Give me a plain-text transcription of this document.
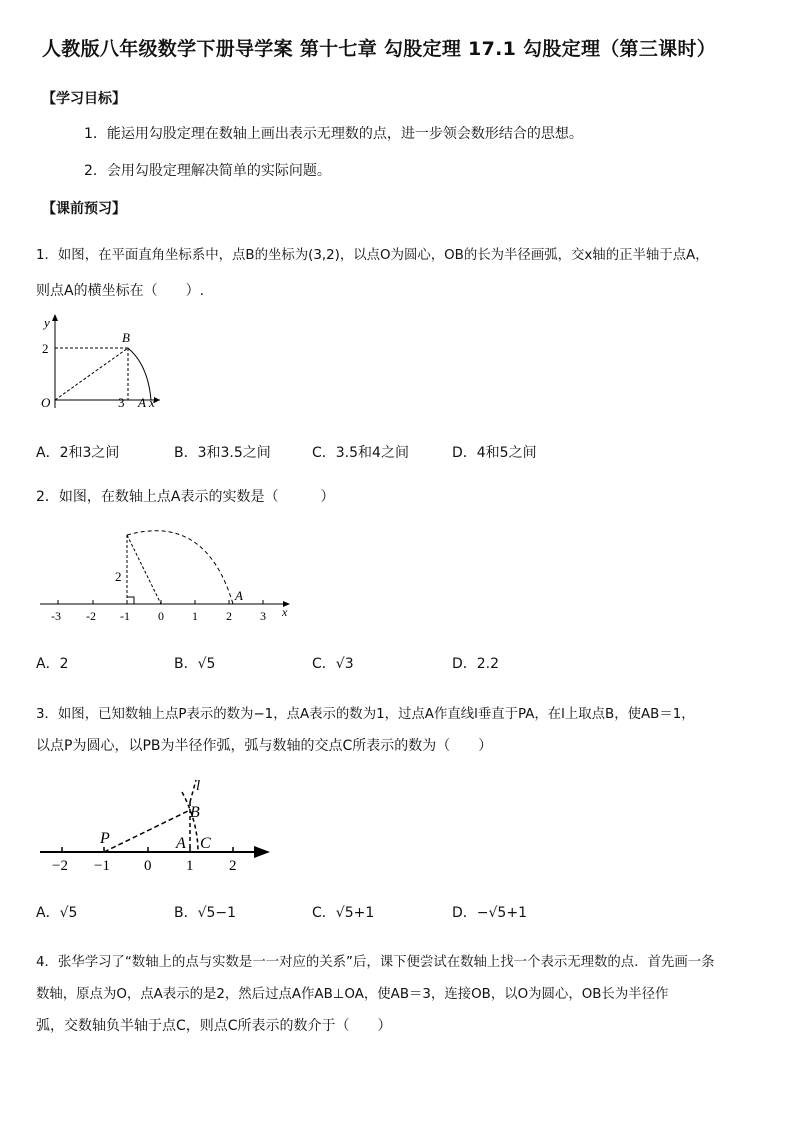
人教版八年级数学下册导学案 第十七章 勾股定理 17.1 勾股定理（第三课时）
【学习目标】
1．能运用勾股定理在数轴上画出表示无理数的点，进一步领会数形结合的思想。
2．会用勾股定理解决简单的实际问题。
【课前预习】
1．如图，在平面直角坐标系中，点B的坐标为(3,2)，以点O为圆心，OB的长为半径画弧，交x轴的正半轴于点A，
则点A的横坐标在（　　）.
y
2
B
O	3 A x
A．2和3之间	B．3和3.5之间	C．3.5和4之间	D．4和5之间
2．如图，在数轴上点A表示的实数是（　　　）
2
A
-3 -2 -1 0 1 2 3 x
A．2	B．√5	C．√3	D．2.2
3．如图，已知数轴上点P表示的数为−1，点A表示的数为1，过点A作直线l垂直于PA，在l上取点B，使AB＝1，
以点P为圆心，以PB为半径作弧，弧与数轴的交点C所表示的数为（　　）
l
B
P	A C
−2 −1 0 1 2
A．√5	B．√5−1	C．√5+1	D．−√5+1
4．张华学习了“数轴上的点与实数是一一对应的关系”后，课下便尝试在数轴上找一个表示无理数的点．首先画一条
数轴，原点为O，点A表示的是2，然后过点A作AB⊥OA，使AB＝3，连接OB，以O为圆心，OB长为半径作
弧，交数轴负半轴于点C，则点C所表示的数介于（　　）
